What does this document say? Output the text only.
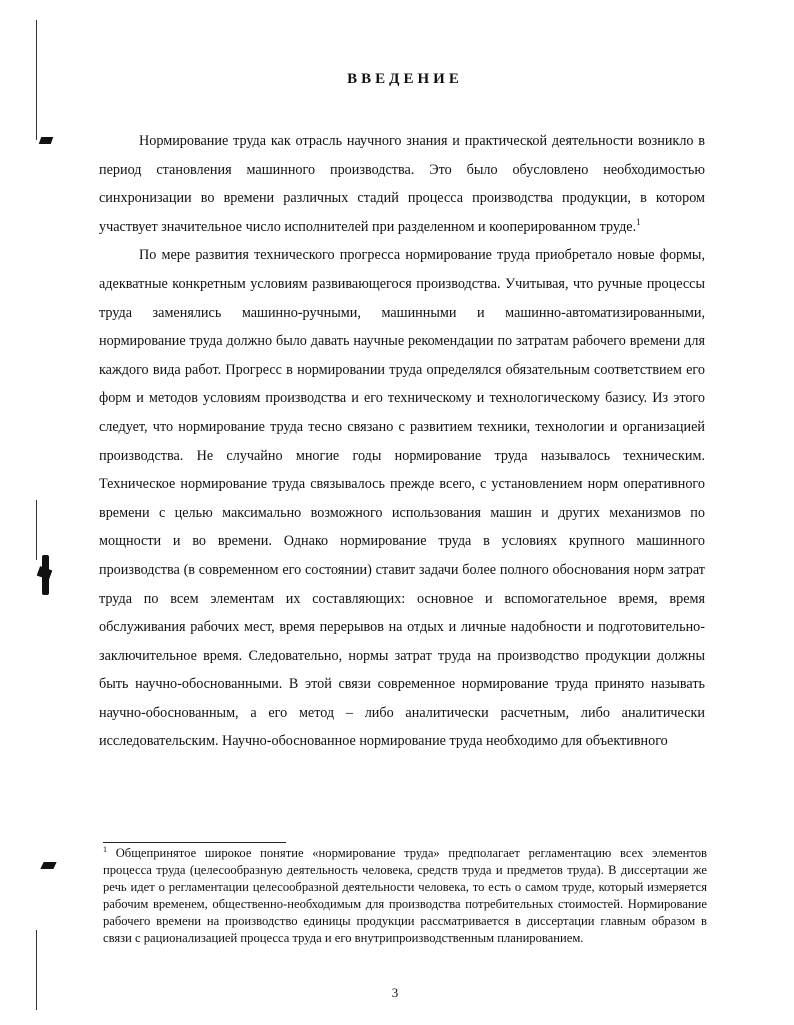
ВВЕДЕНИЕ

Нормирование труда как отрасль научного знания и практической деятельности возникло в период становления машинного производства. Это было обусловлено необходимостью синхронизации во времени различных стадий процесса производства продукции, в котором участвует значительное число исполнителей при разделенном и кооперированном труде.$^1$

По мере развития технического прогресса нормирование труда приобретало новые формы, адекватные конкретным условиям развивающегося производства. Учитывая, что ручные процессы труда заменялись машинно-ручными, машинными и машинно-автоматизированными, нормирование труда должно было давать научные рекомендации по затратам рабочего времени для каждого вида работ. Прогресс в нормировании труда определялся обязательным соответствием его форм и методов условиям производства и его техническому и технологическому базису. Из этого следует, что нормирование труда тесно связано с развитием техники, технологии и организацией производства. Не случайно многие годы нормирование труда называлось техническим. Техническое нормирование труда связывалось прежде всего, с установлением норм оперативного времени с целью максимально возможного использования машин и других механизмов по мощности и во времени. Однако нормирование труда в условиях крупного машинного производства (в современном его состоянии) ставит задачи более полного обоснования норм затрат труда по всем элементам их составляющих: основное и вспомогательное время, время обслуживания рабочих мест, время перерывов на отдых и личные надобности и подготовительно-заключительное время. Следовательно, нормы затрат труда на производство продукции должны быть научно-обоснованными. В этой связи современное нормирование труда принято называть научно-обоснованным, а его метод – либо аналитически расчетным, либо аналитически исследовательским. Научно-обоснованное нормирование труда необходимо для объективного

$^1$ Общепринятое широкое понятие «нормирование труда» предполагает регламентацию всех элементов процесса труда (целесообразную деятельность человека, средств труда и предметов труда). В диссертации же речь идет о регламентации целесообразной деятельности человека, то есть о самом труде, который измеряется рабочим временем, общественно-необходимым для производства потребительных стоимостей. Нормирование рабочего времени на производство единицы продукции рассматривается в диссертации главным образом в связи с рационализацией процесса труда и его внутрипроизводственным планированием.
3
